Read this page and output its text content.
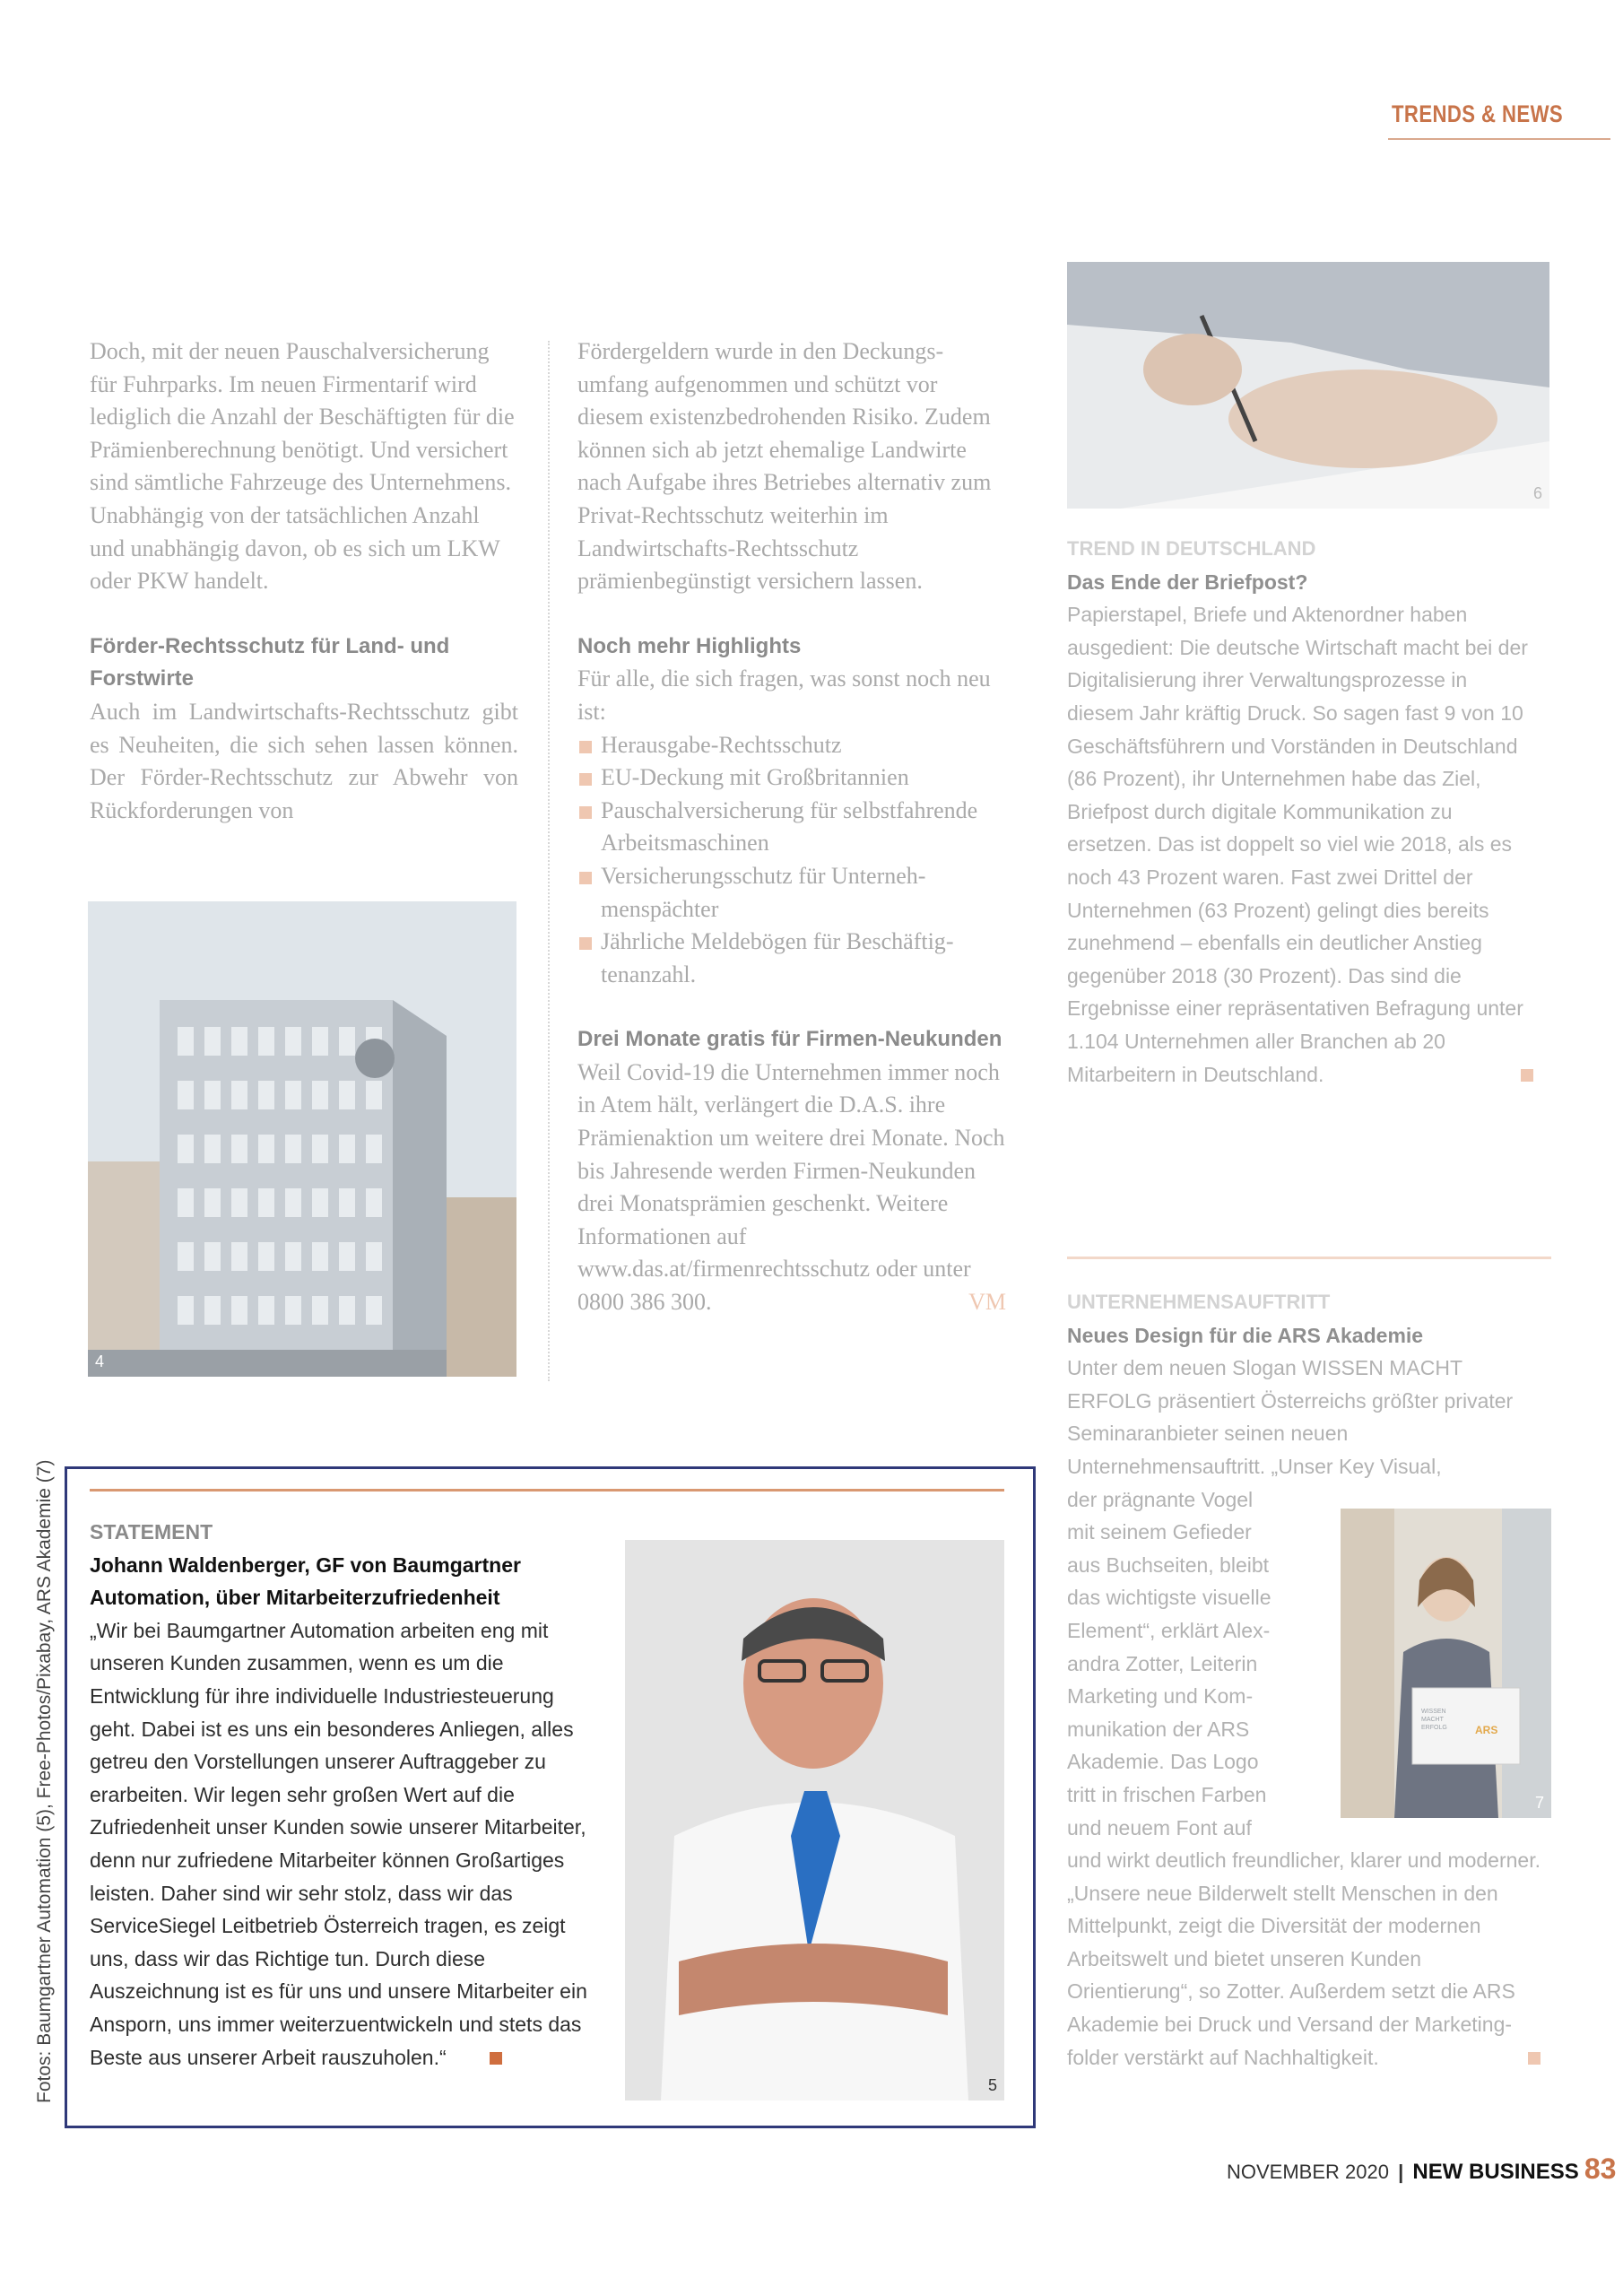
TRENDS & NEWS

Doch, mit der neuen Pauschalversicherung für Fuhrparks. Im neuen Firmentarif wird lediglich die Anzahl der Beschäftigten für die Prämienberechnung benötigt. Und versichert sind sämtliche Fahrzeuge des Unternehmens. Unabhängig von der tatsächlichen Anzahl und unabhängig davon, ob es sich um LKW oder PKW handelt.

Förder-Rechtsschutz für Land- und Forstwirte

Auch im Landwirtschafts-Rechtsschutz gibt es Neuheiten, die sich sehen lassen können. Der Förder-Rechtsschutz zur Abwehr von Rückforderungen von

4

Fördergeldern wurde in den Deckungsumfang aufgenommen und schützt vor diesem existenzbedrohenden Risiko. Zudem können sich ab jetzt ehemalige Landwirte nach Aufgabe ihres Betriebes alternativ zum Privat-Rechtsschutz weiterhin im Landwirtschafts-Rechtsschutz prämienbegünstigt versichern lassen.

Noch mehr Highlights

Für alle, die sich fragen, was sonst noch neu ist:

Herausgabe-Rechtsschutz
EU-Deckung mit Großbritannien
Pauschalversicherung für selbstfahrende Arbeitsmaschinen
Versicherungsschutz für Unternehmenspächter
Jährliche Meldebögen für Beschäftigtenanzahl.
Drei Monate gratis für Firmen-Neukunden

Weil Covid-19 die Unternehmen immer noch in Atem hält, verlängert die D.A.S. ihre Prämienaktion um weitere drei Monate. Noch bis Jahresende werden Firmen-Neukunden drei Monatsprämien geschenkt. Weitere Informationen auf www.das.at/firmenrechtsschutz oder unter 0800 386 300.	VM

6

TREND IN DEUTSCHLAND

Das Ende der Briefpost?

Papierstapel, Briefe und Aktenordner haben ausgedient: Die deutsche Wirtschaft macht bei der Digitalisierung ihrer Verwaltungsprozesse in diesem Jahr kräftig Druck. So sagen fast 9 von 10 Geschäftsführern und Vorständen in Deutschland (86 Prozent), ihr Unternehmen habe das Ziel, Briefpost durch digitale Kommunikation zu ersetzen. Das ist doppelt so viel wie 2018, als es noch 43 Prozent waren. Fast zwei Drittel der Unternehmen (63 Prozent) gelingt dies bereits zunehmend – ebenfalls ein deutlicher Anstieg gegenüber 2018 (30 Prozent). Das sind die Ergebnisse einer repräsentativen Befragung unter 1.104 Unternehmen aller Branchen ab 20 Mitarbeitern in Deutschland.

UNTERNEHMENSAUFTRITT

Neues Design für die ARS Akademie

Unter dem neuen Slogan WISSEN MACHT ERFOLG präsentiert Österreichs größter privater Seminaranbieter seinen neuen Unternehmensauftritt. „Unser Key Visual,

der prägnante Vogel mit seinem Gefieder aus Buchseiten, bleibt das wichtigste visuelle Element“, erklärt Alexandra Zotter, Leiterin Marketing und Kommunikation der ARS Akademie. Das Logo tritt in frischen Farben und neuem Font auf

und wirkt deutlich freundlicher, klarer und moderner. „Unsere neue Bilderwelt stellt Menschen in den Mittelpunkt, zeigt die Diversität der modernen Arbeitswelt und bietet unseren Kunden Orientierung“, so Zotter. Außerdem setzt die ARS Akademie bei Druck und Versand der Marketingfolder verstärkt auf Nachhaltigkeit.

WISSEN MACHT ERFOLG	ARS
7

STATEMENT

Johann Waldenberger, GF von Baumgartner Automation, über Mitarbeiterzufriedenheit

„Wir bei Baumgartner Automation arbeiten eng mit unseren Kunden zusammen, wenn es um die Entwicklung für ihre individuelle Industriesteuerung geht. Dabei ist es uns ein besonderes Anliegen, alles getreu den Vorstellungen unserer Auftraggeber zu erarbeiten. Wir legen sehr großen Wert auf die Zufriedenheit unser Kunden sowie unserer Mitarbeiter, denn nur zufriedene Mitarbeiter können Großartiges leisten. Daher sind wir sehr stolz, dass wir das ServiceSiegel Leitbetrieb Österreich tragen, es zeigt uns, dass wir das Richtige tun. Durch diese Auszeichnung ist es für uns und unsere Mitarbeiter ein Ansporn, uns immer weiterzuentwickeln und stets das Beste aus unserer Arbeit rauszuholen.“

5
Fotos: Baumgartner Automation (5), Free-Photos/Pixabay, ARS Akademie (7)
NOVEMBER 2020 | NEW BUSINESS 83
